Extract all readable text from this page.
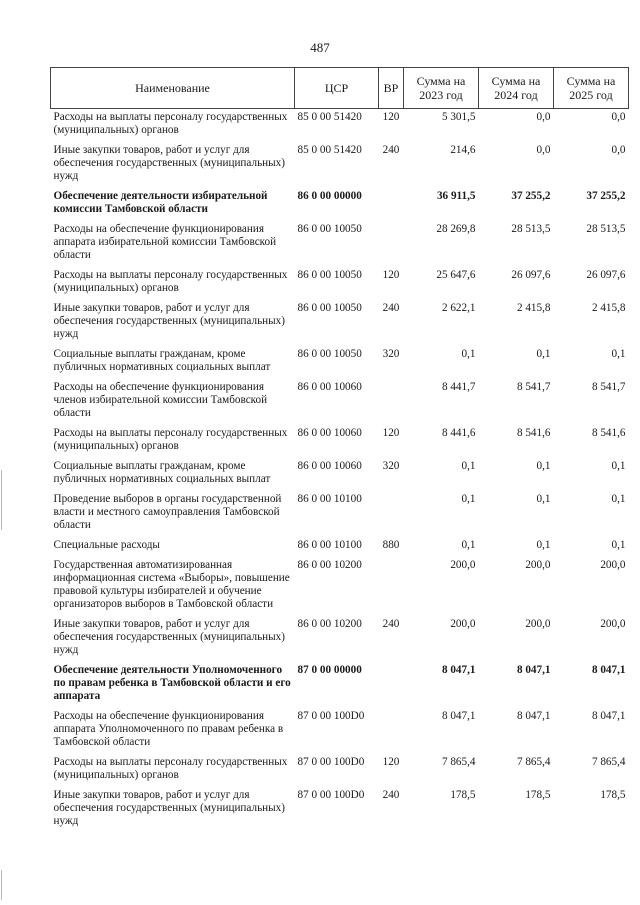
487
Наименование	ЦСР	ВР	Сумма на 2023 год	Сумма на 2024 год	Сумма на 2025 год
Расходы на выплаты персоналу государственных (муниципальных) органов	85 0 00 51420	120	5 301,5	0,0	0,0
Иные закупки товаров, работ и услуг для обеспечения государственных (муниципальных) нужд	85 0 00 51420	240	214,6	0,0	0,0
Обеспечение деятельности избирательной комиссии Тамбовской области	86 0 00 00000		36 911,5	37 255,2	37 255,2
Расходы на обеспечение функционирования аппарата избирательной комиссии Тамбовской области	86 0 00 10050		28 269,8	28 513,5	28 513,5
Расходы на выплаты персоналу государственных (муниципальных) органов	86 0 00 10050	120	25 647,6	26 097,6	26 097,6
Иные закупки товаров, работ и услуг для обеспечения государственных (муниципальных) нужд	86 0 00 10050	240	2 622,1	2 415,8	2 415,8
Социальные выплаты гражданам, кроме публичных нормативных социальных выплат	86 0 00 10050	320	0,1	0,1	0,1
Расходы на обеспечение функционирования членов избирательной комиссии Тамбовской области	86 0 00 10060		8 441,7	8 541,7	8 541,7
Расходы на выплаты персоналу государственных (муниципальных) органов	86 0 00 10060	120	8 441,6	8 541,6	8 541,6
Социальные выплаты гражданам, кроме публичных нормативных социальных выплат	86 0 00 10060	320	0,1	0,1	0,1
Проведение выборов в органы государственной власти и местного самоуправления Тамбовской области	86 0 00 10100		0,1	0,1	0,1
Специальные расходы	86 0 00 10100	880	0,1	0,1	0,1
Государственная автоматизированная информационная система «Выборы», повышение правовой культуры избирателей и обучение организаторов выборов в Тамбовской области	86 0 00 10200		200,0	200,0	200,0
Иные закупки товаров, работ и услуг для обеспечения государственных (муниципальных) нужд	86 0 00 10200	240	200,0	200,0	200,0
Обеспечение деятельности Уполномоченного по правам ребенка в Тамбовской области и его аппарата	87 0 00 00000		8 047,1	8 047,1	8 047,1
Расходы на обеспечение функционирования аппарата Уполномоченного по правам ребенка в Тамбовской области	87 0 00 100D0		8 047,1	8 047,1	8 047,1
Расходы на выплаты персоналу государственных (муниципальных) органов	87 0 00 100D0	120	7 865,4	7 865,4	7 865,4
Иные закупки товаров, работ и услуг для обеспечения государственных (муниципальных) нужд	87 0 00 100D0	240	178,5	178,5	178,5
